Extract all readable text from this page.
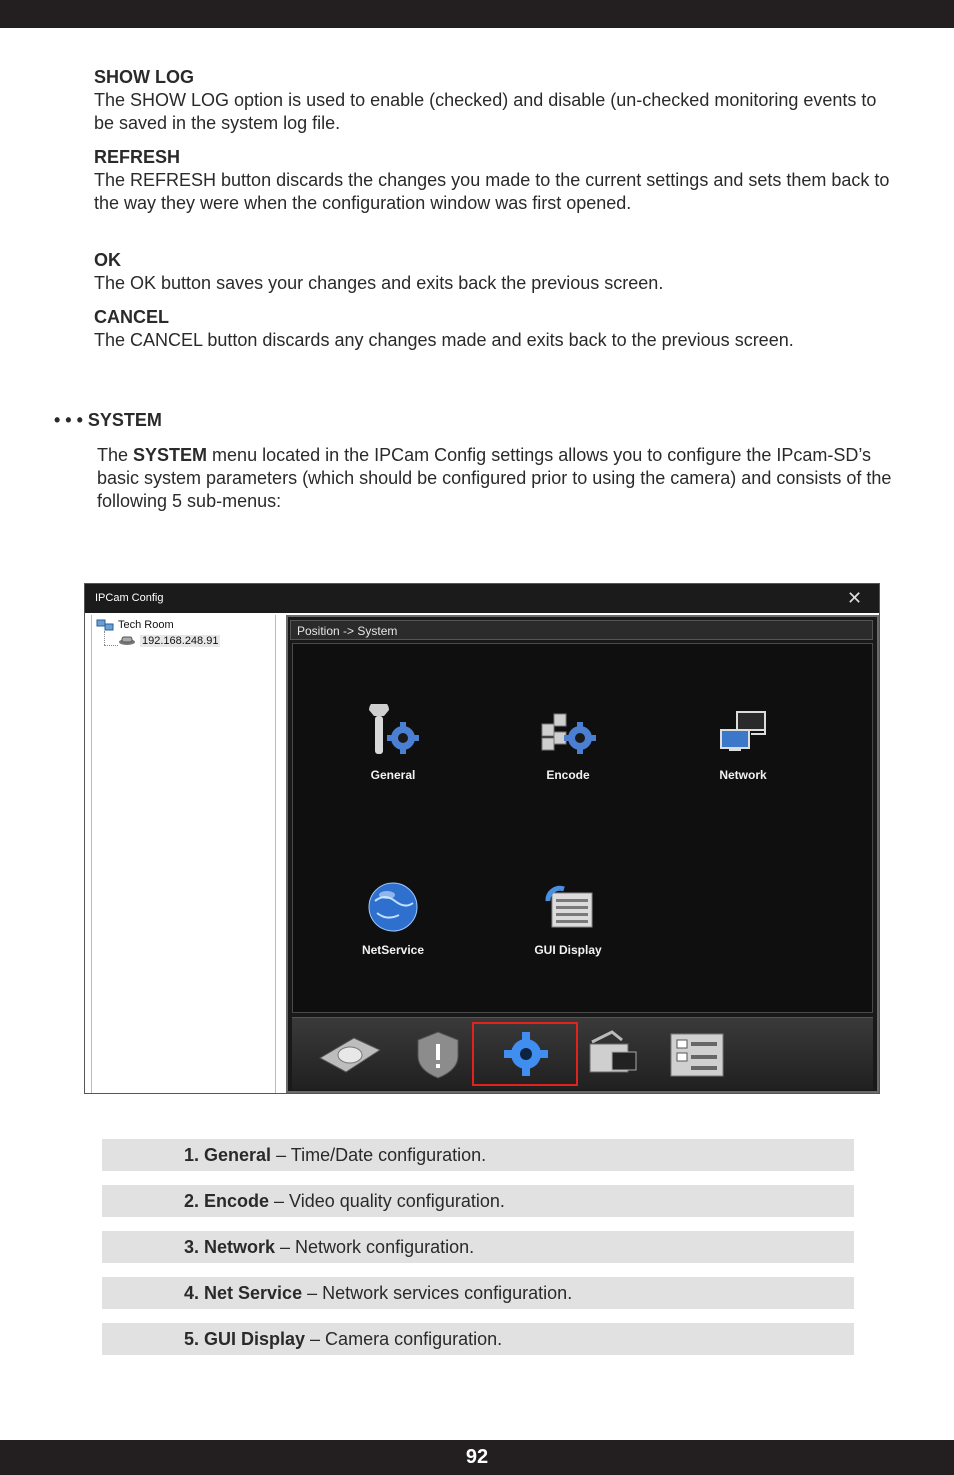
SHOW LOG
The SHOW LOG option is used to enable (checked) and disable (un-checked monitoring events to be saved in the system log file.
REFRESH
The REFRESH button discards the changes you made to the current settings and sets them back to the way they were when the configuration window was first opened.
OK
The OK button saves your changes and exits back the previous screen.
CANCEL
The CANCEL button discards any changes made and exits back to the previous screen.
• • • SYSTEM
The SYSTEM menu located in the IPCam Config settings allows you to configure the IPcam-SD’s basic system parameters (which should be configured prior to using the camera) and consists of the following 5 sub-menus:
IPCam Config	✕
Tech Room
192.168.248.91
Position -> System
General	Encode	Network
NetService	GUI Display
1. General – Time/Date configuration.
2. Encode – Video quality configuration.
3. Network – Network configuration.
4. Net Service – Network services configuration.
5. GUI Display – Camera configuration.
92
